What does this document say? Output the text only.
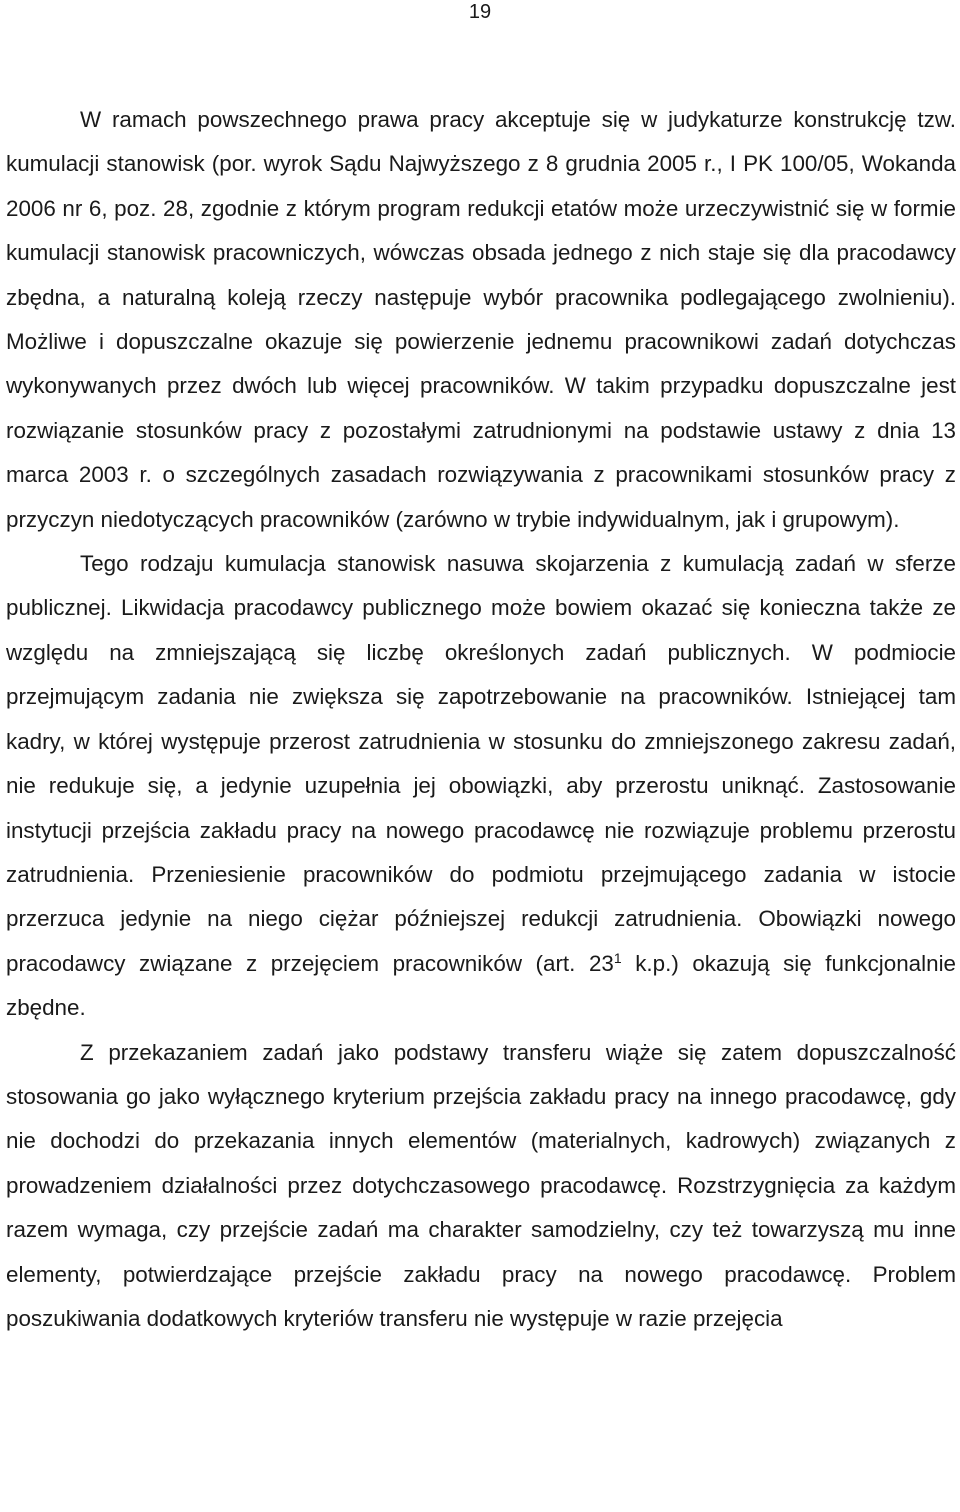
19

W ramach powszechnego prawa pracy akceptuje się w judykaturze konstrukcję tzw. kumulacji stanowisk (por. wyrok Sądu Najwyższego z 8 grudnia 2005 r., I PK 100/05, Wokanda 2006 nr 6, poz. 28, zgodnie z którym program redukcji etatów może urzeczywistnić się w formie kumulacji stanowisk pracowniczych, wówczas obsada jednego z nich staje się dla pracodawcy zbędna, a naturalną koleją rzeczy następuje wybór pracownika podlegającego zwolnieniu). Możliwe i dopuszczalne okazuje się powierzenie jednemu pracownikowi zadań dotychczas wykonywanych przez dwóch lub więcej pracowników. W takim przypadku dopuszczalne jest rozwiązanie stosunków pracy z pozostałymi zatrudnionymi na podstawie ustawy z dnia 13 marca 2003 r. o szczególnych zasadach rozwiązywania z pracownikami stosunków pracy z przyczyn niedotyczących pracowników (zarówno w trybie indywidualnym, jak i grupowym).

Tego rodzaju kumulacja stanowisk nasuwa skojarzenia z kumulacją zadań w sferze publicznej. Likwidacja pracodawcy publicznego może bowiem okazać się konieczna także ze względu na zmniejszającą się liczbę określonych zadań publicznych. W podmiocie przejmującym zadania nie zwiększa się zapotrzebowanie na pracowników. Istniejącej tam kadry, w której występuje przerost zatrudnienia w stosunku do zmniejszonego zakresu zadań, nie redukuje się, a jedynie uzupełnia jej obowiązki, aby przerostu uniknąć. Zastosowanie instytucji przejścia zakładu pracy na nowego pracodawcę nie rozwiązuje problemu przerostu zatrudnienia. Przeniesienie pracowników do podmiotu przejmującego zadania w istocie przerzuca jedynie na niego ciężar późniejszej redukcji zatrudnienia. Obowiązki nowego pracodawcy związane z przejęciem pracowników (art. $23^1$ k.p.) okazują się funkcjonalnie zbędne.

Z przekazaniem zadań jako podstawy transferu wiąże się zatem dopuszczalność stosowania go jako wyłącznego kryterium przejścia zakładu pracy na innego pracodawcę, gdy nie dochodzi do przekazania innych elementów (materialnych, kadrowych) związanych z prowadzeniem działalności przez dotychczasowego pracodawcę. Rozstrzygnięcia za każdym razem wymaga, czy przejście zadań ma charakter samodzielny, czy też towarzyszą mu inne elementy, potwierdzające przejście zakładu pracy na nowego pracodawcę. Problem poszukiwania dodatkowych kryteriów transferu nie występuje w razie przejęcia
